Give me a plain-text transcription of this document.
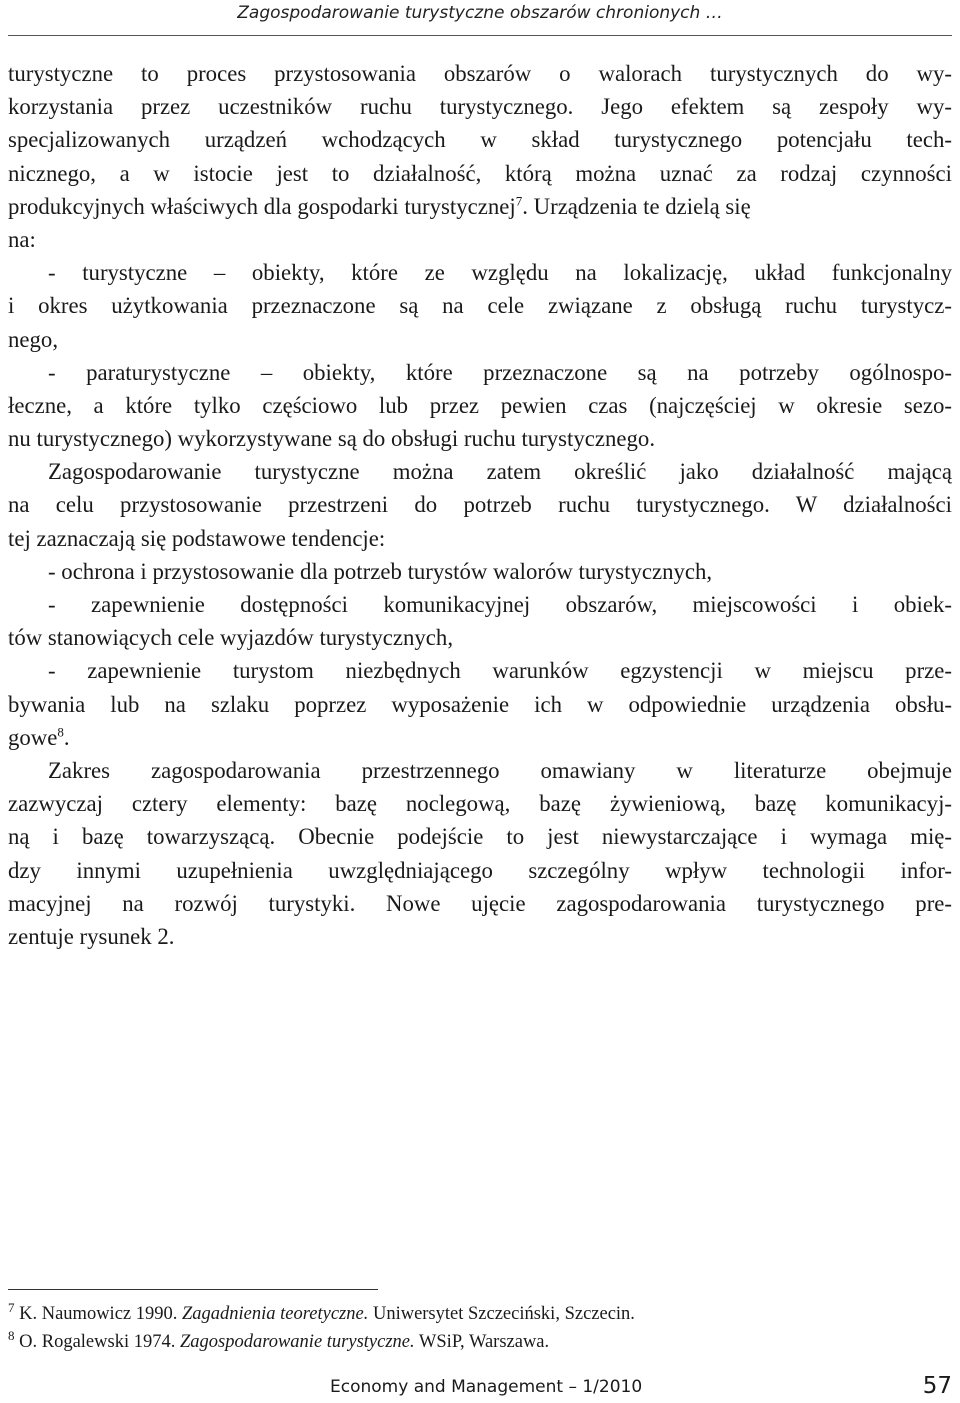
Zagospodarowanie turystyczne obszarów chronionych …
turystyczne to proces przystosowania obszarów o walorach turystycznych do wy-
korzystania przez uczestników ruchu turystycznego. Jego efektem są zespoły wy-
specjalizowanych urządzeń wchodzących w skład turystycznego potencjału tech-
nicznego, a w istocie jest to działalność, którą można uznać za rodzaj czynności
produkcyjnych właściwych dla gospodarki turystycznej$^7$. Urządzenia te dzielą się
na:
- turystyczne – obiekty, które ze względu na lokalizację, układ funkcjonalny
i okres użytkowania przeznaczone są na cele związane z obsługą ruchu turystycz-
nego,
- paraturystyczne – obiekty, które przeznaczone są na potrzeby ogólnospo-
łeczne, a które tylko częściowo lub przez pewien czas (najczęściej w okresie sezo-
nu turystycznego) wykorzystywane są do obsługi ruchu turystycznego.
Zagospodarowanie turystyczne można zatem określić jako działalność mającą
na celu przystosowanie przestrzeni do potrzeb ruchu turystycznego. W działalności
tej zaznaczają się podstawowe tendencje:
- ochrona i przystosowanie dla potrzeb turystów walorów turystycznych,
- zapewnienie dostępności komunikacyjnej obszarów, miejscowości i obiek-
tów stanowiących cele wyjazdów turystycznych,
- zapewnienie turystom niezbędnych warunków egzystencji w miejscu prze-
bywania lub na szlaku poprzez wyposażenie ich w odpowiednie urządzenia obsłu-
gowe$^8$.
Zakres zagospodarowania przestrzennego omawiany w literaturze obejmuje
zazwyczaj cztery elementy: bazę noclegową, bazę żywieniową, bazę komunikacyj-
ną i bazę towarzyszącą. Obecnie podejście to jest niewystarczające i wymaga mię-
dzy innymi uzupełnienia uwzględniającego szczególny wpływ technologii infor-
macyjnej na rozwój turystyki. Nowe ujęcie zagospodarowania turystycznego pre-
zentuje rysunek 2.
$^7$ K. Naumowicz 1990. Zagadnienia teoretyczne. Uniwersytet Szczeciński, Szczecin.
$^8$ O. Rogalewski 1974. Zagospodarowanie turystyczne. WSiP, Warszawa.
Economy and Management – 1/2010	57
